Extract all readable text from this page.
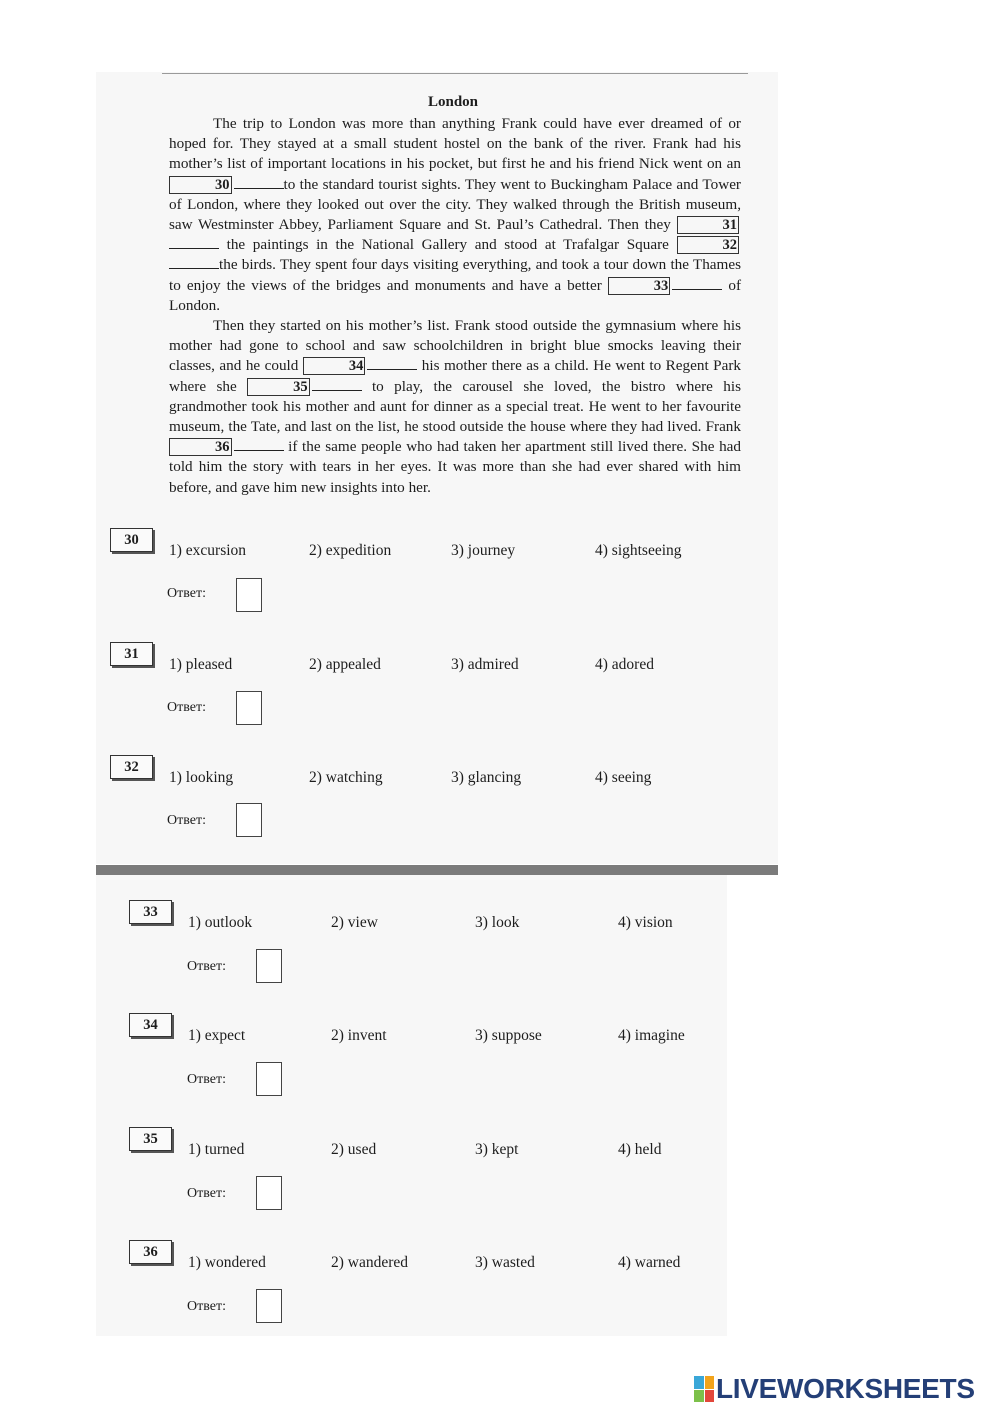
London

The trip to London was more than anything Frank could have ever dreamed of or hoped for. They stayed at a small student hostel on the bank of the river. Frank had his mother’s list of important locations in his pocket, but first he and his friend Nick went on an 30	to the standard tourist sights. They went to Buckingham Palace and Tower of London, where they looked out over the city. They walked through the British museum, saw Westminster Abbey, Parliament Square and St. Paul’s Cathedral. Then they	31 the paintings in the National Gallery and stood at Trafalgar Square	32the birds. They spent four days visiting everything, and took a tour down the Thames to enjoy the views of the bridges and monuments and have a better	33	of London.

Then they started on his mother’s list. Frank stood outside the gymnasium where his mother had gone to school and saw schoolchildren in bright blue smocks leaving their classes, and he could	34	his mother there as a child. He went to Regent Park where she	35	to play, the carousel she loved, the bistro where his grandmother took his mother and aunt for dinner as a special treat. He went to her favourite museum, the Tate, and last on the list, he stood outside the house where they had lived. Frank 36	if the same people who had taken her apartment still lived there. She had told him the story with tears in her eyes. It was more than she had ever shared with him before, and gave him new insights into her.

30
1) excursion	2) expedition	3) journey	4) sightseeing
Ответ:
31
1) pleased	2) appealed	3) admired	4) adored
Ответ:
32
1) looking	2) watching	3) glancing	4) seeing
Ответ:
33
1) outlook	2) view	3) look	4) vision
Ответ:
34
1) expect	2) invent	3) suppose	4) imagine
Ответ:
35
1) turned	2) used	3) kept	4) held
Ответ:
36
1) wondered	2) wandered	3) wasted	4) warned
Ответ:
LIVEWORKSHEETS
